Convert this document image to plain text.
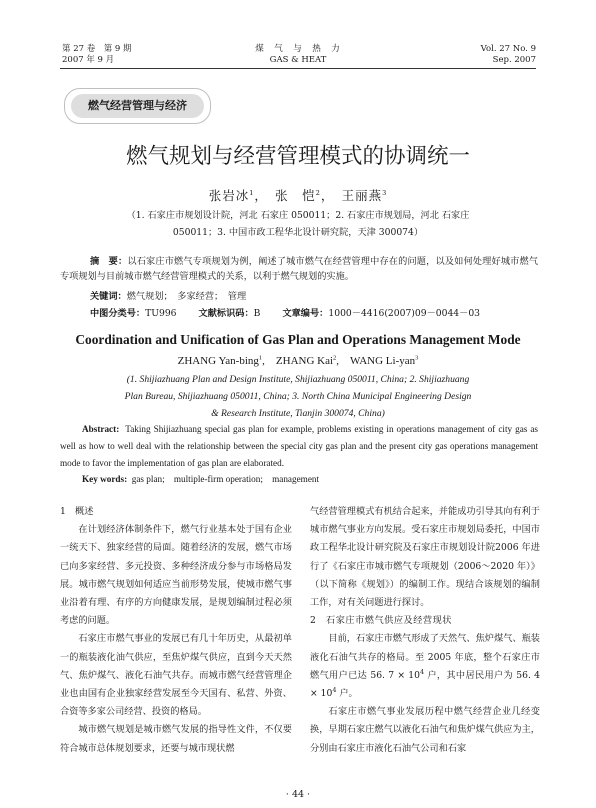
第 27 卷　第 9 期
2007 年 9 月
煤　气　与　热　力
GAS & HEAT
Vol. 27 No. 9
Sep. 2007
燃气经营管理与经济
燃气规划与经营管理模式的协调统一
张岩冰$^1$，　张　恺$^2$，　王丽燕$^3$
（1. 石家庄市规划设计院，河北 石家庄 050011；2. 石家庄市规划局，河北 石家庄
050011；3. 中国市政工程华北设计研究院，天津 300074）
摘　要：以石家庄市燃气专项规划为例，阐述了城市燃气在经营管理中存在的问题，以及如何处理好城市燃气专项规划与目前城市燃气经营管理模式的关系，以利于燃气规划的实施。
关键词：燃气规划；　多家经营；　管理
中图分类号：TU996 文献标识码：B 文章编号：1000－4416(2007)09－0044－03
Coordination and Unification of Gas Plan and Operations Management Mode
ZHANG Yan-bing$^1$,　ZHANG Kai$^2$,　WANG Li-yan$^3$
(1. Shijiazhuang Plan and Design Institute, Shijiazhuang 050011, China; 2. Shijiazhuang
Plan Bureau, Shijiazhuang 050011, China; 3. North China Municipal Engineering Design
& Research Institute, Tianjin 300074, China)
Abstract: Taking Shijiazhuang special gas plan for example, problems existing in operations management of city gas as well as how to well deal with the relationship between the special city gas plan and the present city gas operations management mode to favor the implementation of gas plan are elaborated.
Key words: gas plan;　multiple-firm operation;　management
1　概述

在计划经济体制条件下，燃气行业基本处于国有企业一统天下、独家经营的局面。随着经济的发展，燃气市场已向多家经营、多元投资、多种经济成分参与市场格局发展。城市燃气规划如何适应当前形势发展，使城市燃气事业沿着有理、有序的方向健康发展，是规划编制过程必须考虑的问题。

石家庄市燃气事业的发展已有几十年历史，从最初单一的瓶装液化油气供应，至焦炉煤气供应，直到今天天然气、焦炉煤气、液化石油气共存。而城市燃气经营管理企业也由国有企业独家经营发展至今天国有、私营、外资、合资等多家公司经营、投资的格局。

城市燃气规划是城市燃气发展的指导性文件，不仅要符合城市总体规划要求，还要与城市现状燃

气经营管理模式有机结合起来，并能成功引导其向有利于城市燃气事业方向发展。受石家庄市规划局委托，中国市政工程华北设计研究院及石家庄市规划设计院2006 年进行了《石家庄市城市燃气专项规划（2006～2020 年）》（以下简称《规划》）的编制工作。现结合该规划的编制工作，对有关问题进行探讨。

2　石家庄市燃气供应及经营现状

目前，石家庄市燃气形成了天然气、焦炉煤气、瓶装液化石油气共存的格局。至 2005 年底，整个石家庄市燃气用户已达 56. $7 \times 10^4$ 户，其中居民用户为 56. $4 \times 10^4$ 户。

石家庄市燃气事业发展历程中燃气经营企业几经变换，早期石家庄燃气以液化石油气和焦炉煤气供应为主，分别由石家庄市液化石油气公司和石家

· 44 ·
